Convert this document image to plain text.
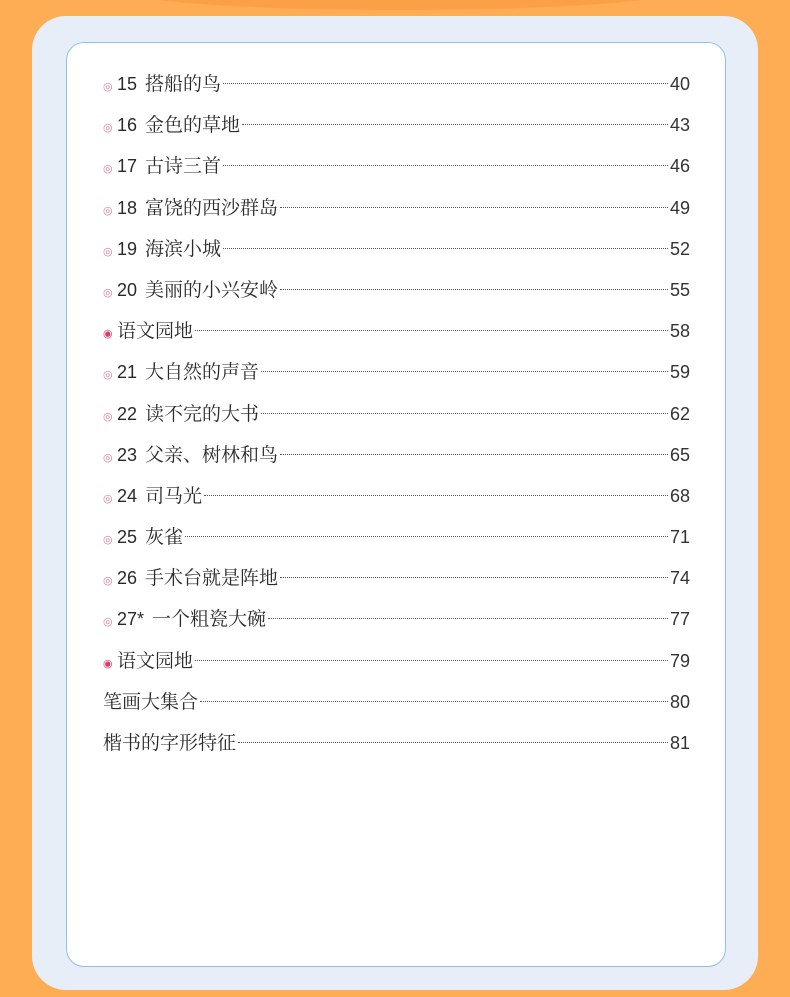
◎ 15 搭船的鸟	40
◎ 16 金色的草地	43
◎ 17 古诗三首	46
◎ 18 富饶的西沙群岛	49
◎ 19 海滨小城	52
◎ 20 美丽的小兴安岭	55
◉ 语文园地	58
◎ 21 大自然的声音	59
◎ 22 读不完的大书	62
◎ 23 父亲、树林和鸟	65
◎ 24 司马光	68
◎ 25 灰雀	71
◎ 26 手术台就是阵地	74
◎ 27* 一个粗瓷大碗	77
◉ 语文园地	79
笔画大集合	80
楷书的字形特征	81
